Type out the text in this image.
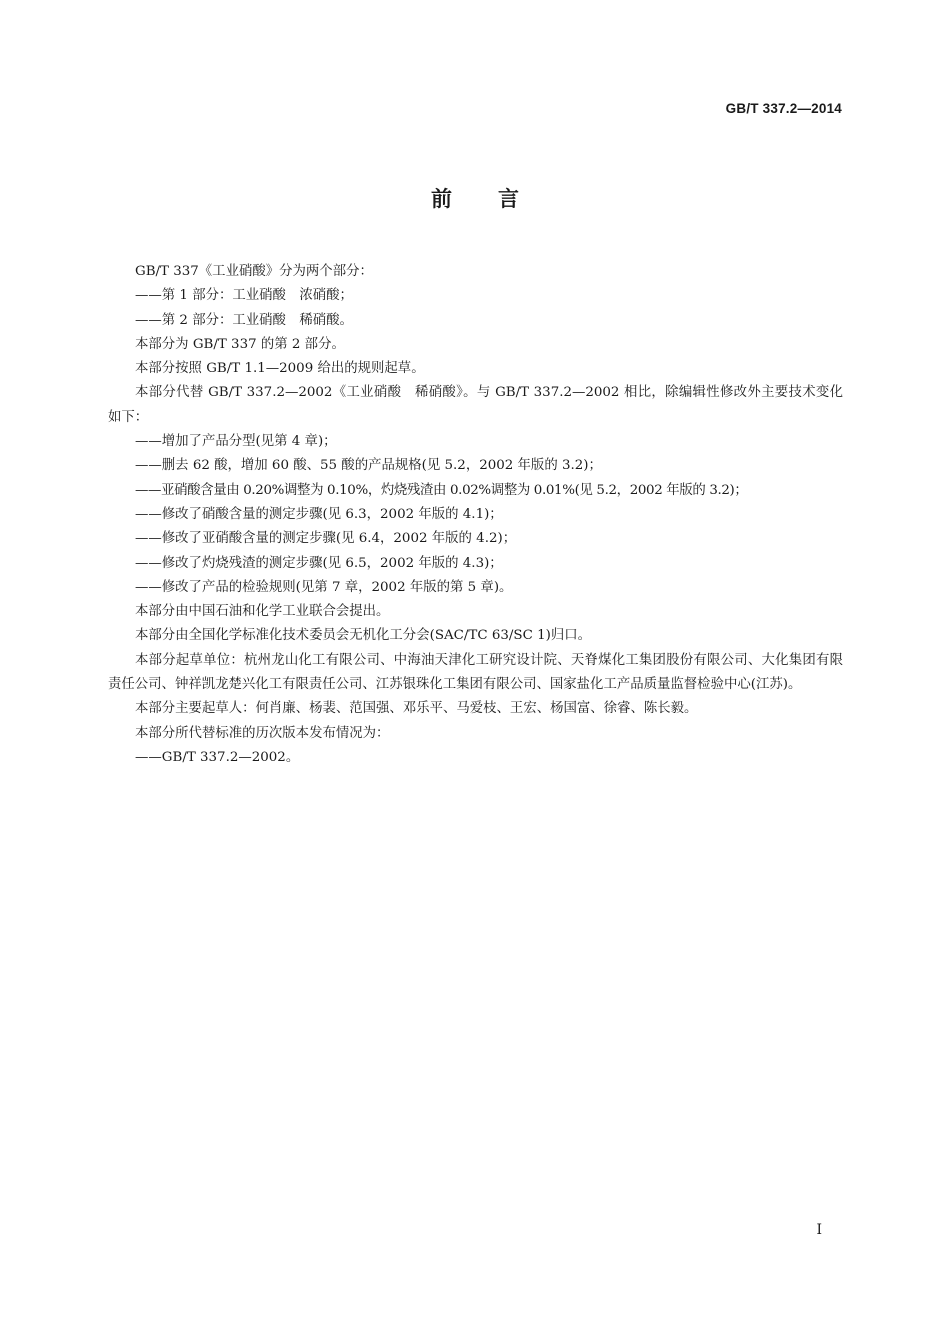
GB/T 337.2—2014
前言

GB/T 337《工业硝酸》分为两个部分：

——第 1 部分：工业硝酸　浓硝酸；

——第 2 部分：工业硝酸　稀硝酸。

本部分为 GB/T 337 的第 2 部分。

本部分按照 GB/T 1.1—2009 给出的规则起草。

本部分代替 GB/T 337.2—2002《工业硝酸　稀硝酸》。与 GB/T 337.2—2002 相比，除编辑性修改外主要技术变化如下：

——增加了产品分型(见第 4 章)；

——删去 62 酸，增加 60 酸、55 酸的产品规格(见 5.2，2002 年版的 3.2)；

——亚硝酸含量由 0.20%调整为 0.10%，灼烧残渣由 0.02%调整为 0.01%(见 5.2，2002 年版的 3.2)；

——修改了硝酸含量的测定步骤(见 6.3，2002 年版的 4.1)；

——修改了亚硝酸含量的测定步骤(见 6.4，2002 年版的 4.2)；

——修改了灼烧残渣的测定步骤(见 6.5，2002 年版的 4.3)；

——修改了产品的检验规则(见第 7 章，2002 年版的第 5 章)。

本部分由中国石油和化学工业联合会提出。

本部分由全国化学标准化技术委员会无机化工分会(SAC/TC 63/SC 1)归口。

本部分起草单位：杭州龙山化工有限公司、中海油天津化工研究设计院、天脊煤化工集团股份有限公司、大化集团有限责任公司、钟祥凯龙楚兴化工有限责任公司、江苏银珠化工集团有限公司、国家盐化工产品质量监督检验中心(江苏)。

本部分主要起草人：何肖廉、杨裴、范国强、邓乐平、马爱枝、王宏、杨国富、徐睿、陈长毅。

本部分所代替标准的历次版本发布情况为：

——GB/T 337.2—2002。

I
